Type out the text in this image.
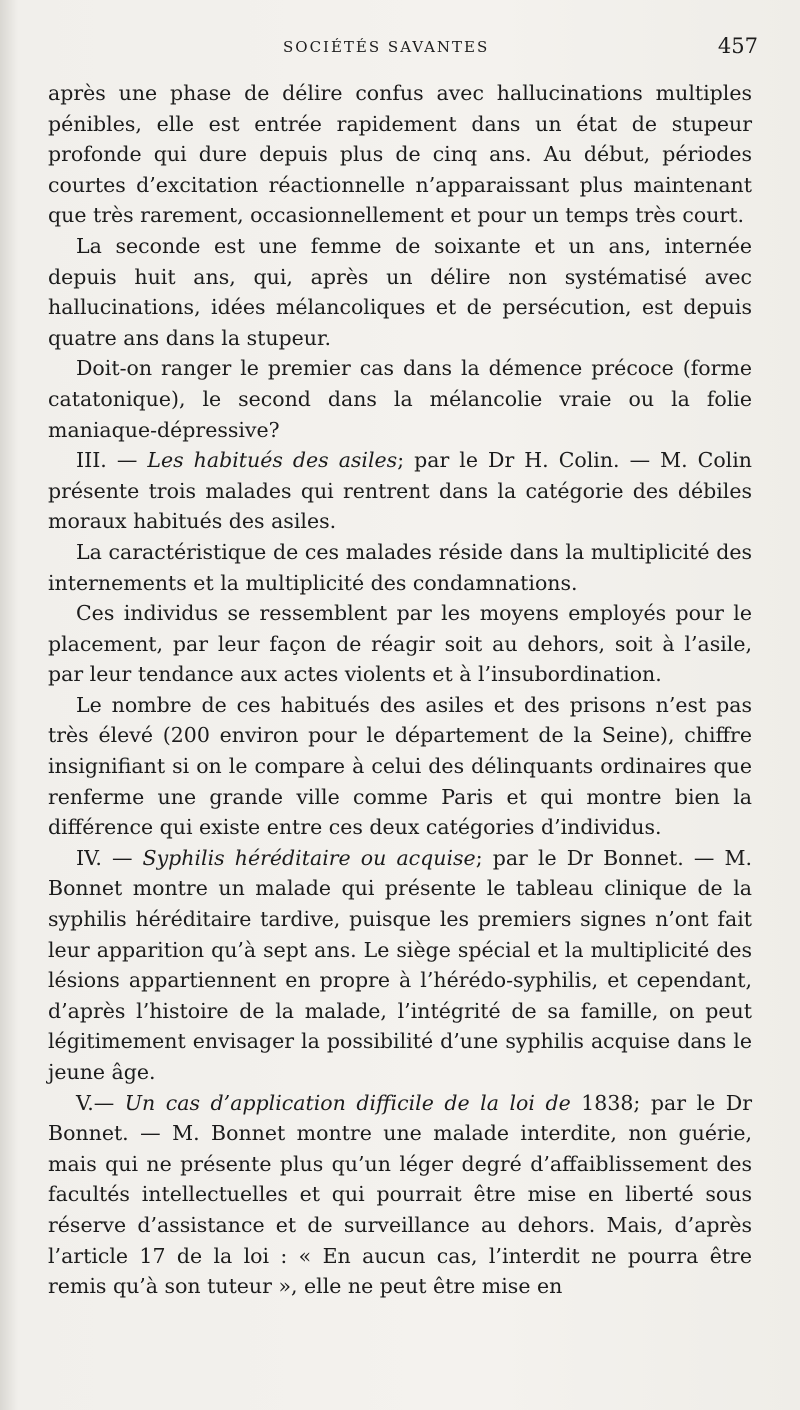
SOCIÉTÉS SAVANTES	457

après une phase de délire confus avec hallucinations multiples pénibles, elle est entrée rapidement dans un état de stupeur profonde qui dure depuis plus de cinq ans. Au début, périodes courtes d’excitation réactionnelle n’apparaissant plus maintenant que très rarement, occasionnellement et pour un temps très court.

La seconde est une femme de soixante et un ans, internée depuis huit ans, qui, après un délire non systématisé avec hallucinations, idées mélancoliques et de persécution, est depuis quatre ans dans la stupeur.

Doit-on ranger le premier cas dans la démence précoce (forme catatonique), le second dans la mélancolie vraie ou la folie maniaque-dépressive?

III. — Les habitués des asiles; par le Dr H. Colin. — M. Colin présente trois malades qui rentrent dans la catégorie des débiles moraux habitués des asiles.

La caractéristique de ces malades réside dans la multiplicité des internements et la multiplicité des condamnations.

Ces individus se ressemblent par les moyens employés pour le placement, par leur façon de réagir soit au dehors, soit à l’asile, par leur tendance aux actes violents et à l’insubordination.

Le nombre de ces habitués des asiles et des prisons n’est pas très élevé (200 environ pour le département de la Seine), chiffre insignifiant si on le compare à celui des délinquants ordinaires que renferme une grande ville comme Paris et qui montre bien la différence qui existe entre ces deux catégories d’individus.

IV. — Syphilis héréditaire ou acquise; par le Dr Bonnet. — M. Bonnet montre un malade qui présente le tableau clinique de la syphilis héréditaire tardive, puisque les premiers signes n’ont fait leur apparition qu’à sept ans. Le siège spécial et la multiplicité des lésions appartiennent en propre à l’hérédo-syphilis, et cependant, d’après l’histoire de la malade, l’intégrité de sa famille, on peut légitimement envisager la possibilité d’une syphilis acquise dans le jeune âge.

V.— Un cas d’application difficile de la loi de 1838; par le Dr Bonnet. — M. Bonnet montre une malade interdite, non guérie, mais qui ne présente plus qu’un léger degré d’affaiblissement des facultés intellectuelles et qui pourrait être mise en liberté sous réserve d’assistance et de surveillance au dehors. Mais, d’après l’article 17 de la loi : « En aucun cas, l’interdit ne pourra être remis qu’à son tuteur », elle ne peut être mise en
